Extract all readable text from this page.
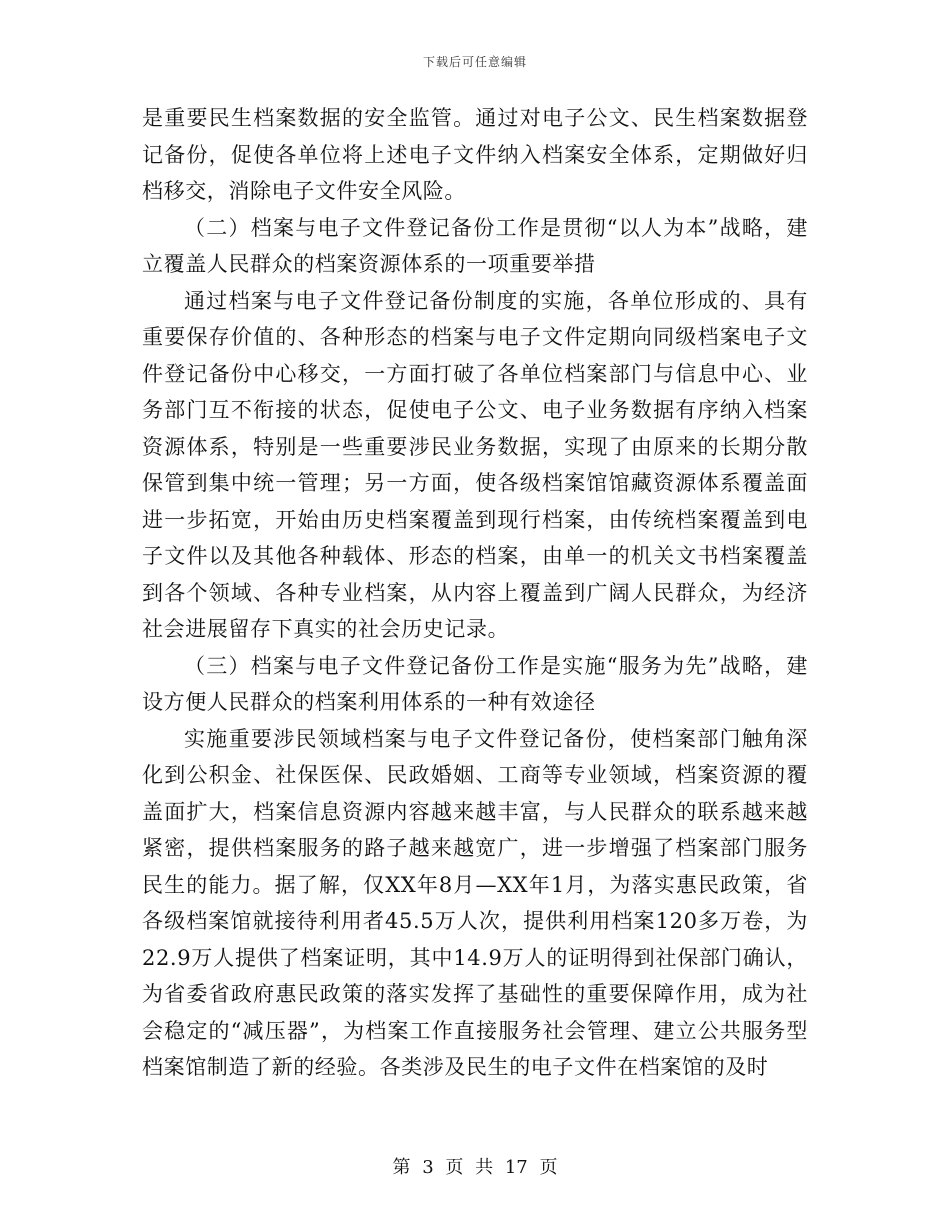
下载后可任意编辑

是重要民生档案数据的安全监管。通过对电子公文、民生档案数据登记备份，促使各单位将上述电子文件纳入档案安全体系，定期做好归档移交，消除电子文件安全风险。

（二）档案与电子文件登记备份工作是贯彻“以人为本”战略，建立覆盖人民群众的档案资源体系的一项重要举措

通过档案与电子文件登记备份制度的实施，各单位形成的、具有重要保存价值的、各种形态的档案与电子文件定期向同级档案电子文件登记备份中心移交，一方面打破了各单位档案部门与信息中心、业务部门互不衔接的状态，促使电子公文、电子业务数据有序纳入档案资源体系，特别是一些重要涉民业务数据，实现了由原来的长期分散保管到集中统一管理；另一方面，使各级档案馆馆藏资源体系覆盖面进一步拓宽，开始由历史档案覆盖到现行档案，由传统档案覆盖到电子文件以及其他各种载体、形态的档案，由单一的机关文书档案覆盖到各个领域、各种专业档案，从内容上覆盖到广阔人民群众，为经济社会进展留存下真实的社会历史记录。

（三）档案与电子文件登记备份工作是实施“服务为先”战略，建设方便人民群众的档案利用体系的一种有效途径

实施重要涉民领域档案与电子文件登记备份，使档案部门触角深化到公积金、社保医保、民政婚姻、工商等专业领域，档案资源的覆盖面扩大，档案信息资源内容越来越丰富，与人民群众的联系越来越紧密，提供档案服务的路子越来越宽广，进一步增强了档案部门服务民生的能力。据了解，仅XX年8月—XX年1月，为落实惠民政策，省各级档案馆就接待利用者45.5万人次，提供利用档案120多万卷，为22.9万人提供了档案证明，其中14.9万人的证明得到社保部门确认，为省委省政府惠民政策的落实发挥了基础性的重要保障作用，成为社会稳定的“减压器”，为档案工作直接服务社会管理、建立公共服务型档案馆制造了新的经验。各类涉及民生的电子文件在档案馆的及时

第 3 页 共 17 页
